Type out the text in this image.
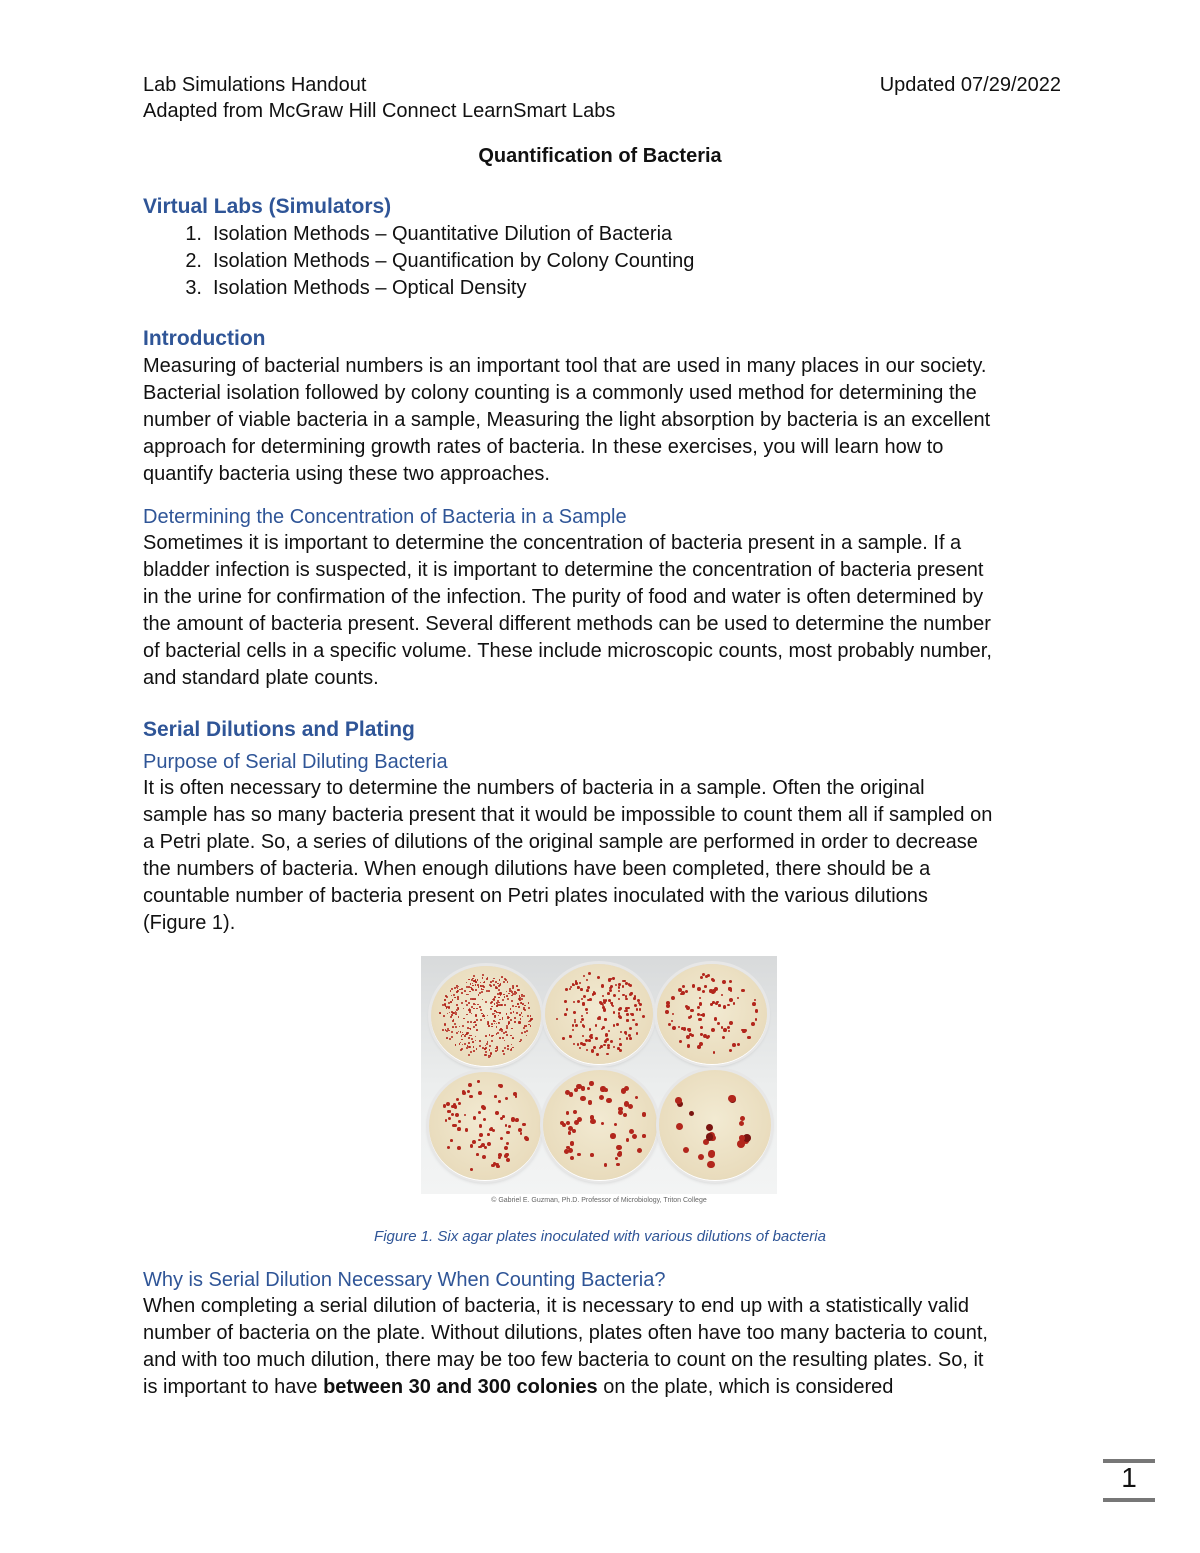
Lab Simulations Handout
Adapted from McGraw Hill Connect LearnSmart Labs
Updated 07/29/2022
Quantification of Bacteria
Virtual Labs (Simulators)
1. Isolation Methods – Quantitative Dilution of Bacteria
2. Isolation Methods – Quantification by Colony Counting
3. Isolation Methods – Optical Density
Introduction
Measuring of bacterial numbers is an important tool that are used in many places in our society.
Bacterial isolation followed by colony counting is a commonly used method for determining the
number of viable bacteria in a sample, Measuring the light absorption by bacteria is an excellent
approach for determining growth rates of bacteria. In these exercises, you will learn how to
quantify bacteria using these two approaches.
Determining the Concentration of Bacteria in a Sample
Sometimes it is important to determine the concentration of bacteria present in a sample. If a
bladder infection is suspected, it is important to determine the concentration of bacteria present
in the urine for confirmation of the infection. The purity of food and water is often determined by
the amount of bacteria present. Several different methods can be used to determine the number
of bacterial cells in a specific volume. These include microscopic counts, most probably number,
and standard plate counts.
Serial Dilutions and Plating
Purpose of Serial Diluting Bacteria
It is often necessary to determine the numbers of bacteria in a sample. Often the original
sample has so many bacteria present that it would be impossible to count them all if sampled on
a Petri plate. So, a series of dilutions of the original sample are performed in order to decrease
the numbers of bacteria. When enough dilutions have been completed, there should be a
countable number of bacteria present on Petri plates inoculated with the various dilutions
(Figure 1).
© Gabriel E. Guzman, Ph.D. Professor of Microbiology, Triton College
Figure 1. Six agar plates inoculated with various dilutions of bacteria
Why is Serial Dilution Necessary When Counting Bacteria?
When completing a serial dilution of bacteria, it is necessary to end up with a statistically valid
number of bacteria on the plate. Without dilutions, plates often have too many bacteria to count,
and with too much dilution, there may be too few bacteria to count on the resulting plates. So, it
is important to have between 30 and 300 colonies on the plate, which is considered
1
